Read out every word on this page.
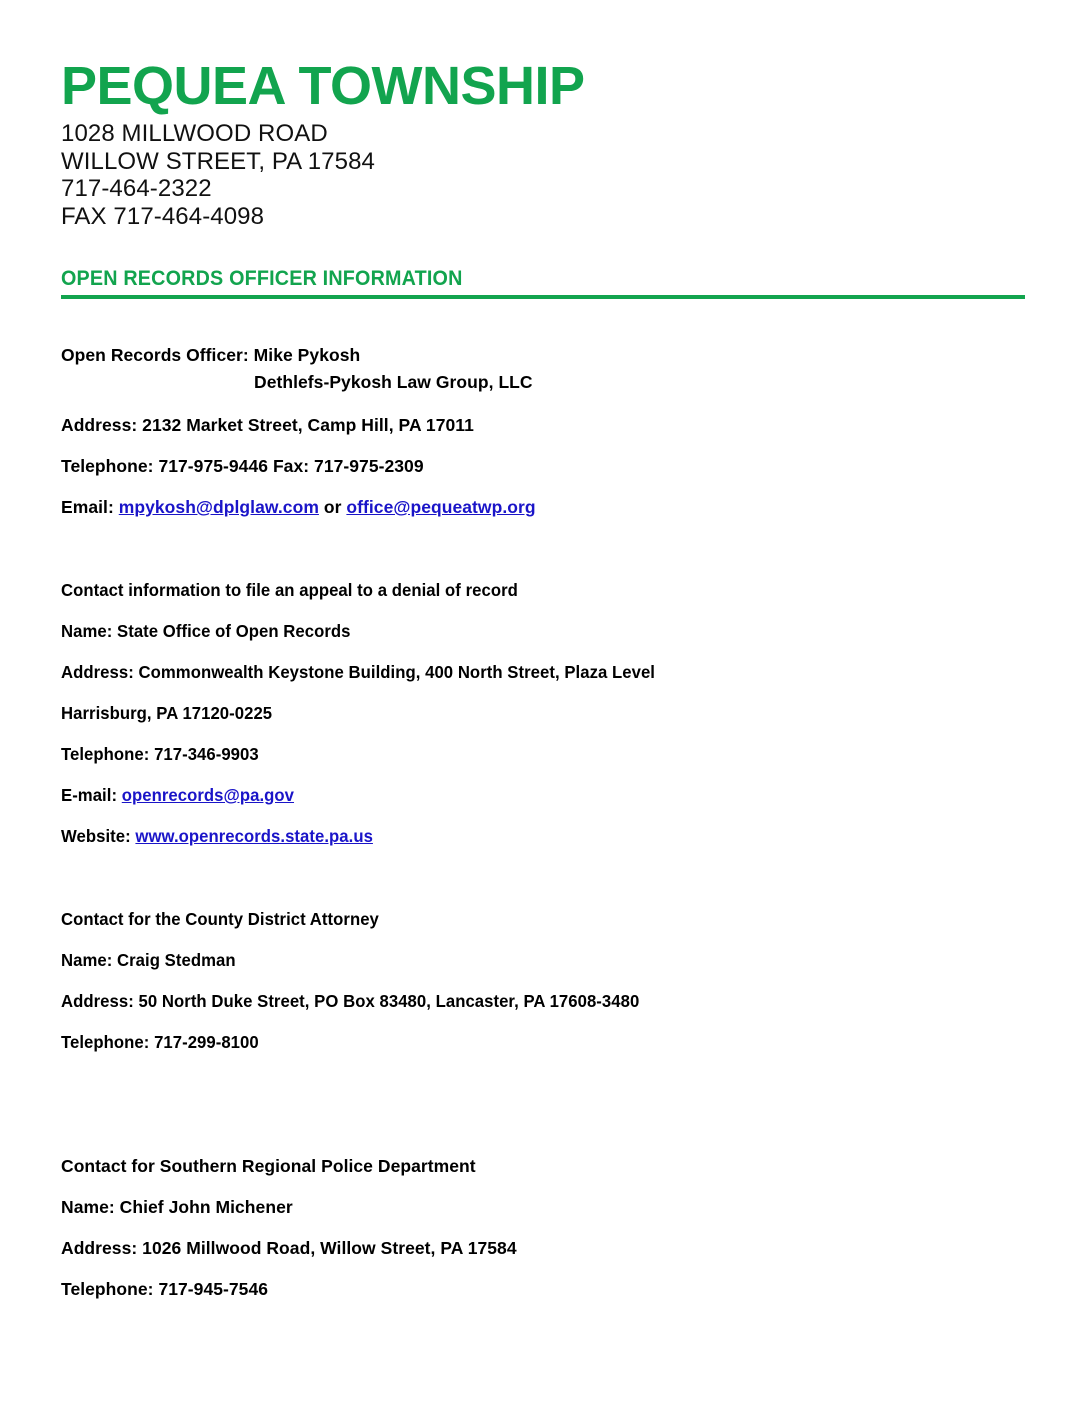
PEQUEA TOWNSHIP
1028 MILLWOOD ROAD
WILLOW STREET, PA 17584
717-464-2322
FAX 717-464-4098
OPEN RECORDS OFFICER INFORMATION
Open Records Officer: Mike Pykosh
Dethlefs-Pykosh Law Group, LLC
Address: 2132 Market Street, Camp Hill, PA 17011
Telephone: 717-975-9446 Fax: 717-975-2309
Email: mpykosh@dplglaw.com or office@pequeatwp.org
Contact information to file an appeal to a denial of record
Name: State Office of Open Records
Address: Commonwealth Keystone Building, 400 North Street, Plaza Level
Harrisburg, PA 17120-0225
Telephone: 717-346-9903
E-mail: openrecords@pa.gov
Website: www.openrecords.state.pa.us
Contact for the County District Attorney
Name: Craig Stedman
Address: 50 North Duke Street, PO Box 83480, Lancaster, PA 17608-3480
Telephone: 717-299-8100
Contact for Southern Regional Police Department
Name: Chief John Michener
Address: 1026 Millwood Road, Willow Street, PA 17584
Telephone: 717-945-7546
